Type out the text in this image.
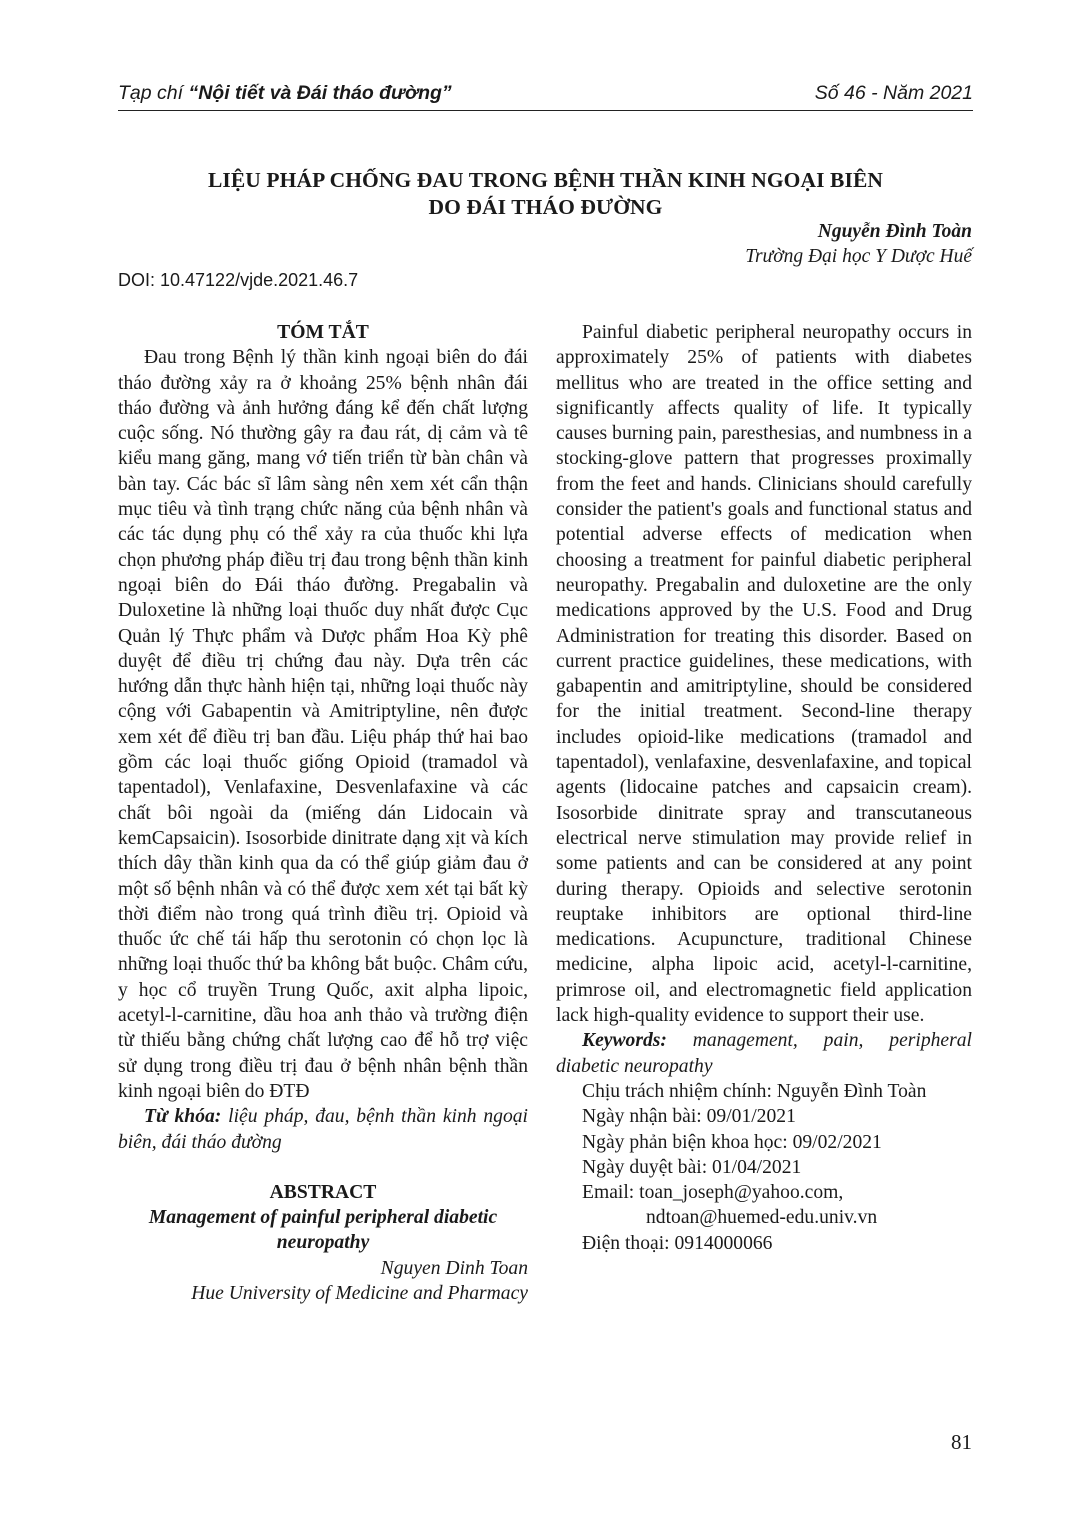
Tạp chí “Nội tiết và Đái tháo đường”	Số 46 - Năm 2021
LIỆU PHÁP CHỐNG ĐAU TRONG BỆNH THẦN KINH NGOẠI BIÊN
DO ĐÁI THÁO ĐƯỜNG
Nguyễn Đình Toàn
Trường Đại học Y Dược Huế
DOI: 10.47122/vjde.2021.46.7
TÓM TẮT

Đau trong Bệnh lý thần kinh ngoại biên do đái tháo đường xảy ra ở khoảng 25% bệnh nhân đái tháo đường và ảnh hưởng đáng kể đến chất lượng cuộc sống. Nó thường gây ra đau rát, dị cảm và tê kiểu mang găng, mang vớ tiến triển từ bàn chân và bàn tay. Các bác sĩ lâm sàng nên xem xét cẩn thận mục tiêu và tình trạng chức năng của bệnh nhân và các tác dụng phụ có thể xảy ra của thuốc khi lựa chọn phương pháp điều trị đau trong bệnh thần kinh ngoại biên do Đái tháo đường. Pregabalin và Duloxetine là những loại thuốc duy nhất được Cục Quản lý Thực phẩm và Dược phẩm Hoa Kỳ phê duyệt để điều trị chứng đau này. Dựa trên các hướng dẫn thực hành hiện tại, những loại thuốc này cộng với Gabapentin và Amitriptyline, nên được xem xét để điều trị ban đầu. Liệu pháp thứ hai bao gồm các loại thuốc giống Opioid (tramadol và tapentadol), Venlafaxine, Desvenlafaxine và các chất bôi ngoài da (miếng dán Lidocain và kemCapsaicin). Isosorbide dinitrate dạng xịt và kích thích dây thần kinh qua da có thể giúp giảm đau ở một số bệnh nhân và có thể được xem xét tại bất kỳ thời điểm nào trong quá trình điều trị. Opioid và thuốc ức chế tái hấp thu serotonin có chọn lọc là những loại thuốc thứ ba không bắt buộc. Châm cứu, y học cổ truyền Trung Quốc, axit alpha lipoic, acetyl-l-carnitine, dầu hoa anh thảo và trường điện từ thiếu bằng chứng chất lượng cao để hỗ trợ việc sử dụng trong điều trị đau ở bệnh nhân bệnh thần kinh ngoại biên do ĐTĐ

Từ khóa: liệu pháp, đau, bệnh thần kinh ngoại biên, đái tháo đường

ABSTRACT
Management of painful peripheral diabetic
neuropathy
Nguyen Dinh Toan
Hue University of Medicine and Pharmacy

Painful diabetic peripheral neuropathy occurs in approximately 25% of patients with diabetes mellitus who are treated in the office setting and significantly affects quality of life. It typically causes burning pain, paresthesias, and numbness in a stocking-glove pattern that progresses proximally from the feet and hands. Clinicians should carefully consider the patient's goals and functional status and potential adverse effects of medication when choosing a treatment for painful diabetic peripheral neuropathy. Pregabalin and duloxetine are the only medications approved by the U.S. Food and Drug Administration for treating this disorder. Based on current practice guidelines, these medications, with gabapentin and amitriptyline, should be considered for the initial treatment. Second-line therapy includes opioid-like medications (tramadol and tapentadol), venlafaxine, desvenlafaxine, and topical agents (lidocaine patches and capsaicin cream). Isosorbide dinitrate spray and transcutaneous electrical nerve stimulation may provide relief in some patients and can be considered at any point during therapy. Opioids and selective serotonin reuptake inhibitors are optional third-line medications. Acupuncture, traditional Chinese medicine, alpha lipoic acid, acetyl-l-carnitine, primrose oil, and electromagnetic field application lack high-quality evidence to support their use.

Keywords: management, pain, peripheral diabetic neuropathy

Chịu trách nhiệm chính: Nguyễn Đình Toàn
Ngày nhận bài: 09/01/2021
Ngày phản biện khoa học: 09/02/2021
Ngày duyệt bài: 01/04/2021
Email: toan_joseph@yahoo.com,
ndtoan@huemed-edu.univ.vn
Điện thoại: 0914000066
81
